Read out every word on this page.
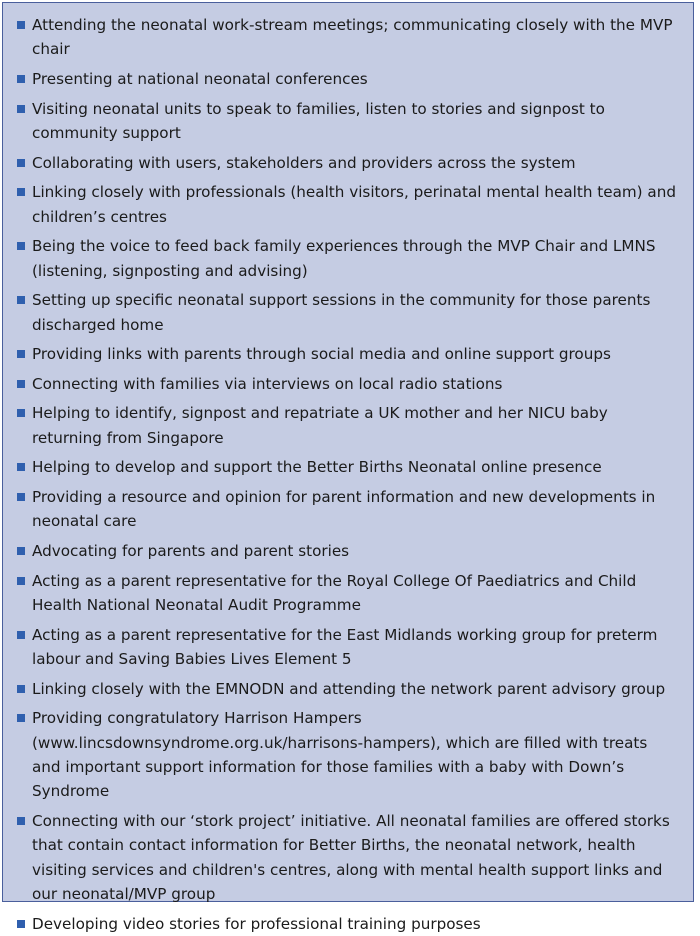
Attending the neonatal work-stream meetings; communicating closely with the MVP chair
Presenting at national neonatal conferences
Visiting neonatal units to speak to families, listen to stories and signpost to community support
Collaborating with users, stakeholders and providers across the system
Linking closely with professionals (health visitors, perinatal mental health team) and children’s centres
Being the voice to feed back family experiences through the MVP Chair and LMNS (listening, signposting and advising)
Setting up specific neonatal support sessions in the community for those parents discharged home
Providing links with parents through social media and online support groups
Connecting with families via interviews on local radio stations
Helping to identify, signpost and repatriate a UK mother and her NICU baby returning from Singapore
Helping to develop and support the Better Births Neonatal online presence
Providing a resource and opinion for parent information and new developments in neonatal care
Advocating for parents and parent stories
Acting as a parent representative for the Royal College Of Paediatrics and Child Health National Neonatal Audit Programme
Acting as a parent representative for the East Midlands working group for preterm labour and Saving Babies Lives Element 5
Linking closely with the EMNODN and attending the network parent advisory group
Providing congratulatory Harrison Hampers (www.lincsdownsyndrome.org.uk/harrisons-hampers), which are filled with treats and important support information for those families with a baby with Down’s Syndrome
Connecting with our ‘stork project’ initiative. All neonatal families are offered storks that contain contact information for Better Births, the neonatal network, health visiting services and children's centres, along with mental health support links and our neonatal/MVP group
Developing video stories for professional training purposes
